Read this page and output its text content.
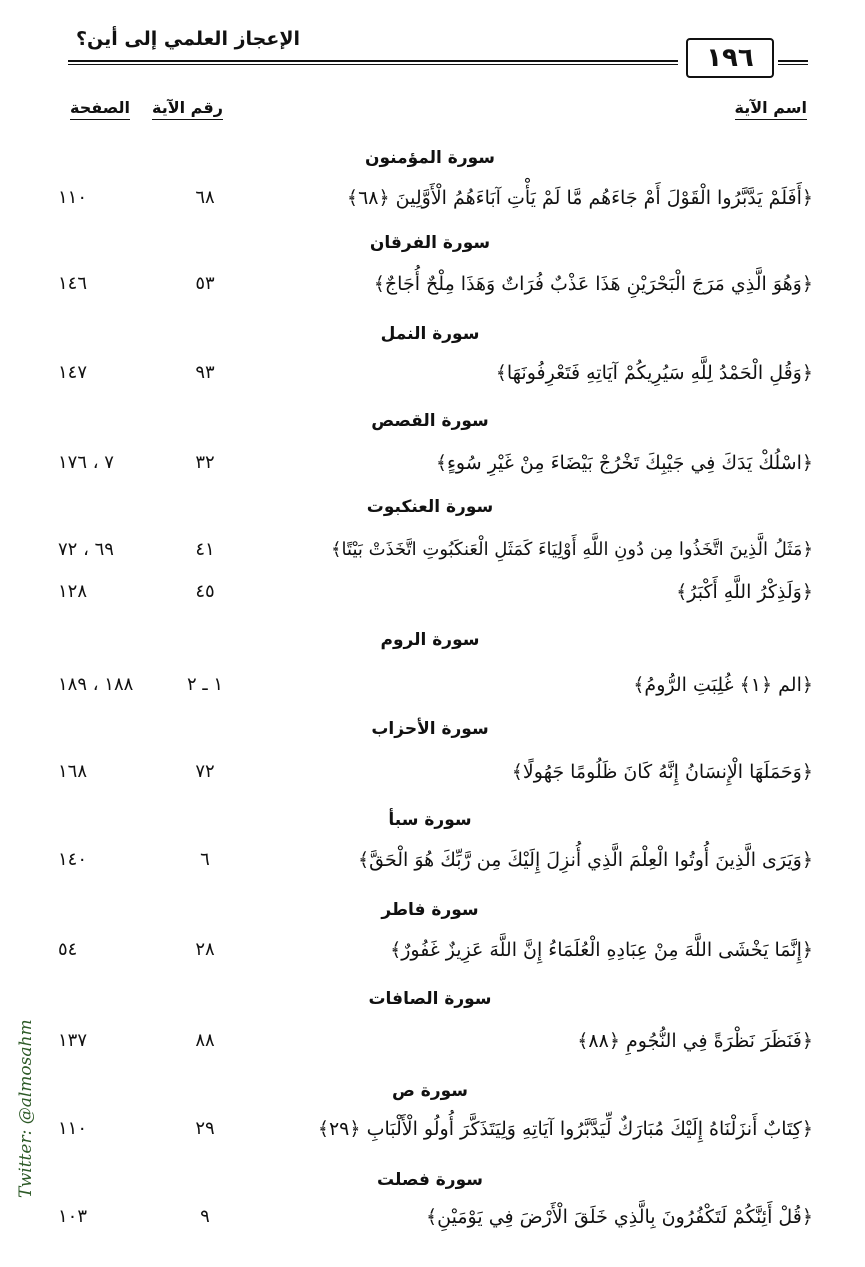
الإعجاز العلمي إلى أين؟
١٩٦
الصفحة رقم الآية	اسم الآية
سورة المؤمنون
﴿أَفَلَمْ يَدَّبَّرُوا الْقَوْلَ أَمْ جَاءَهُم مَّا لَمْ يَأْتِ آبَاءَهُمُ الْأَوَّلِينَ ﴿٦٨﴾
٦٨
١١٠
سورة الفرقان
﴿وَهُوَ الَّذِي مَرَجَ الْبَحْرَيْنِ هَذَا عَذْبٌ فُرَاتٌ وَهَذَا مِلْحٌ أُجَاجٌ﴾
٥٣
١٤٦
سورة النمل
﴿وَقُلِ الْحَمْدُ لِلَّهِ سَيُرِيكُمْ آيَاتِهِ فَتَعْرِفُونَهَا﴾
٩٣
١٤٧
سورة القصص
﴿اسْلُكْ يَدَكَ فِي جَيْبِكَ تَخْرُجْ بَيْضَاءَ مِنْ غَيْرِ سُوءٍ﴾
٣٢
٧ ، ١٧٦
سورة العنكبوت
﴿مَثَلُ الَّذِينَ اتَّخَذُوا مِن دُونِ اللَّهِ أَوْلِيَاءَ كَمَثَلِ الْعَنكَبُوتِ اتَّخَذَتْ بَيْتًا﴾
٤١
٦٩ ، ٧٢
﴿وَلَذِكْرُ اللَّهِ أَكْبَرُ﴾
٤٥
١٢٨
سورة الروم
﴿الم ﴿١﴾ غُلِبَتِ الرُّومُ﴾
١ ـ ٢
١٨٨ ، ١٨٩
سورة الأحزاب
﴿وَحَمَلَهَا الْإِنسَانُ إِنَّهُ كَانَ ظَلُومًا جَهُولًا﴾
٧٢
١٦٨
سورة سبأ
﴿وَيَرَى الَّذِينَ أُوتُوا الْعِلْمَ الَّذِي أُنزِلَ إِلَيْكَ مِن رَّبِّكَ هُوَ الْحَقَّ﴾
٦
١٤٠
سورة فاطر
﴿إِنَّمَا يَخْشَى اللَّهَ مِنْ عِبَادِهِ الْعُلَمَاءُ إِنَّ اللَّهَ عَزِيزٌ غَفُورٌ﴾
٢٨
٥٤
سورة الصافات
﴿فَنَظَرَ نَظْرَةً فِي النُّجُومِ ﴿٨٨﴾
٨٨
١٣٧
سورة ص
﴿كِتَابٌ أَنزَلْنَاهُ إِلَيْكَ مُبَارَكٌ لِّيَدَّبَّرُوا آيَاتِهِ وَلِيَتَذَكَّرَ أُولُو الْأَلْبَابِ ﴿٢٩﴾
٢٩
١١٠
سورة فصلت
﴿قُلْ أَئِنَّكُمْ لَتَكْفُرُونَ بِالَّذِي خَلَقَ الْأَرْضَ فِي يَوْمَيْنِ﴾
٩
١٠٣
Twitter: @almosahm
